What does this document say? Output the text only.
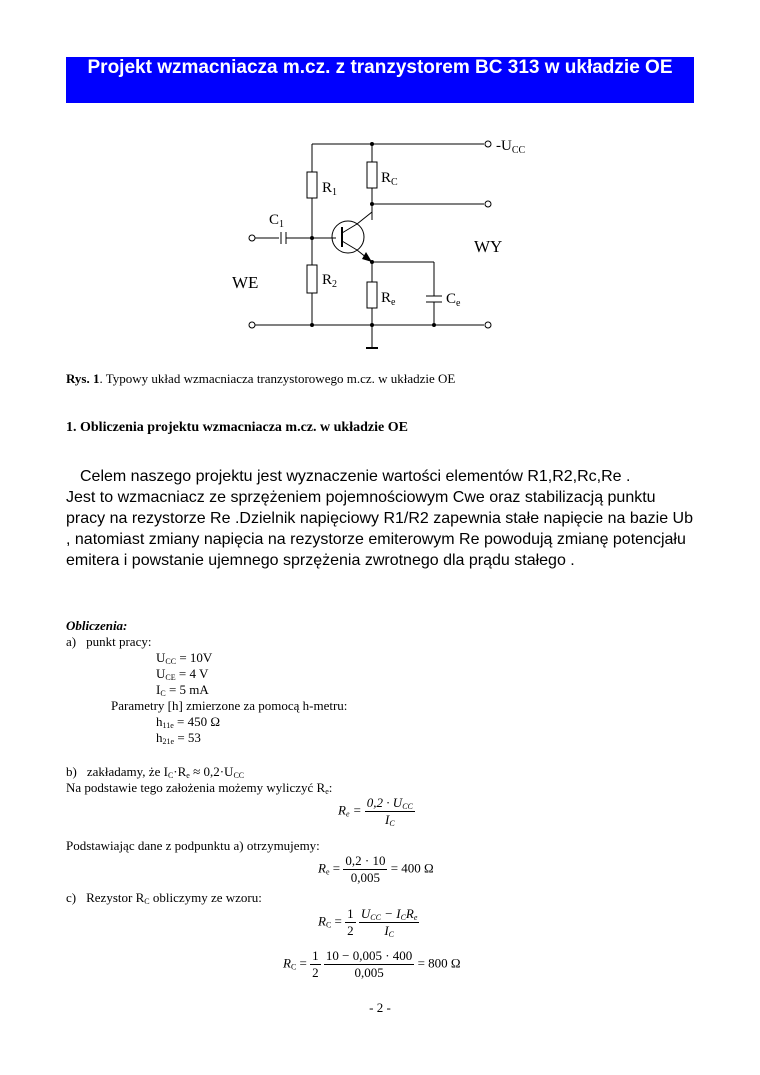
Projekt wzmacniacza m.cz. z tranzystorem BC 313 w układzie OE
$-U_{CC}$
$R_C$
$R_1$
$C_1$
$R_2$
$R_e$	$C_e$
WE
WY
Rys. 1. Typowy układ wzmacniacza tranzystorowego m.cz. w układzie OE
1. Obliczenia projektu wzmacniacza m.cz. w układzie OE

Celem naszego projektu jest wyznaczenie wartości elementów R1,R2,Rc,Re .

Jest to wzmacniacz ze sprzężeniem pojemnościowym Cwe oraz stabilizacją punktu

pracy na rezystorze Re .Dzielnik napięciowy R1/R2 zapewnia stałe napięcie na bazie Ub

, natomiast zmiany napięcia na rezystorze emiterowym Re powodują zmianę potencjału

emitera i powstanie ujemnego sprzężenia zwrotnego dla prądu stałego .

Obliczenia:
a) punkt pracy:
$U_{CC} = 10V$
$U_{CE} = 4$ V
$I_C = 5$ mA
Parametry [h] zmierzone za pomocą h-metru:
$h_{11e} = 450$ Ω
$h_{21e} = 53$
b) zakładamy, że $I_C\cdot R_e \approx 0,2\cdot U_{CC}$
Na podstawie tego założenia możemy wyliczyć $R_e$:
$R_e = \frac{0,2 \cdot U_{CC}}{I_C}$
Podstawiając dane z podpunktu a) otrzymujemy:
$R_e = \frac{0,2 \cdot 10}{0,005} = 400$ Ω
c) Rezystor $R_C$ obliczymy ze wzoru:
$R_C = \frac{1}{2}$
$\frac{U_{CC} - I_CR_e}{I_C}$
$R_C = \frac{1}{2}$
$\frac{10 - 0,005 \cdot 400}{0,005} = 800$ Ω
- 2 -
